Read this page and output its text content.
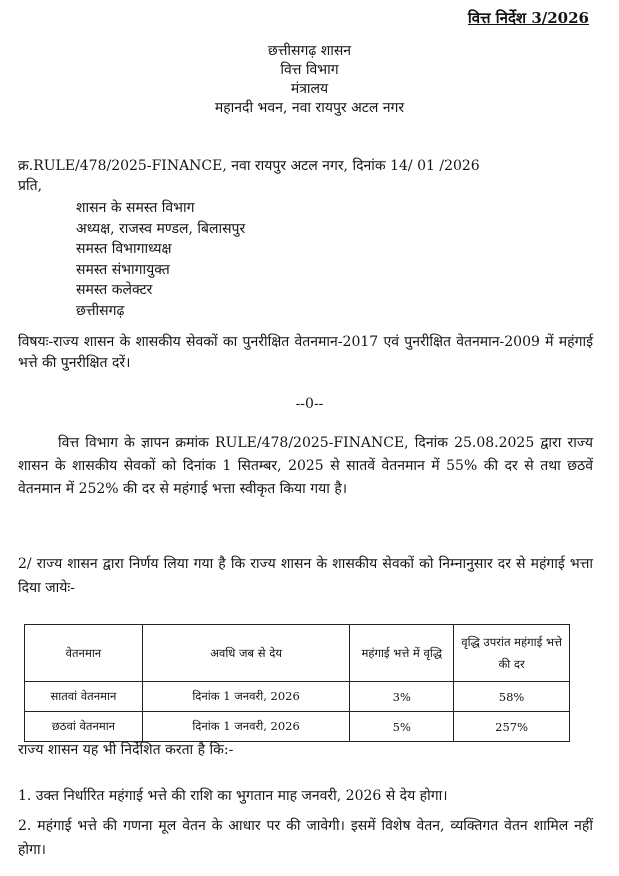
वित्त निर्देश 3/2026
छत्तीसगढ़ शासन
वित्त विभाग
मंत्रालय
महानदी भवन, नवा रायपुर अटल नगर
क्र.RULE/478/2025-FINANCE, नवा रायपुर अटल नगर, दिनांक 14/ 01 /2026
प्रति,
शासन के समस्त विभाग
अध्यक्ष, राजस्व मण्डल, बिलासपुर
समस्त विभागाध्यक्ष
समस्त संभागायुक्त
समस्त कलेक्टर
छत्तीसगढ़
विषयः-राज्य शासन के शासकीय सेवकों का पुनरीक्षित वेतनमान-2017 एवं पुनरीक्षित वेतनमान-2009 में महंगाई भत्ते की पुनरीक्षित दरें।
--0--
वित्त विभाग के ज्ञापन क्रमांक RULE/478/2025-FINANCE, दिनांक 25.08.2025 द्वारा राज्य शासन के शासकीय सेवकों को दिनांक 1 सितम्बर, 2025 से सातवें वेतनमान में 55% की दर से तथा छठवें वेतनमान में 252% की दर से महंगाई भत्ता स्वीकृत किया गया है।
2/ राज्य शासन द्वारा निर्णय लिया गया है कि राज्य शासन के शासकीय सेवकों को निम्नानुसार दर से महंगाई भत्ता दिया जायेः-
वेतनमान	अवधि जब से देय	महंगाई भत्ते में वृद्धि	वृद्धि उपरांत महंगाई भत्ते की दर
सातवां वेतनमान	दिनांक 1 जनवरी, 2026	3%	58%
छठवां वेतनमान	दिनांक 1 जनवरी, 2026	5%	257%
राज्य शासन यह भी निर्देशित करता है कि:-
1. उक्त निर्धारित महंगाई भत्ते की राशि का भुगतान माह जनवरी, 2026 से देय होगा।
2. महंगाई भत्ते की गणना मूल वेतन के आधार पर की जावेगी। इसमें विशेष वेतन, व्यक्तिगत वेतन शामिल नहीं होगा।
